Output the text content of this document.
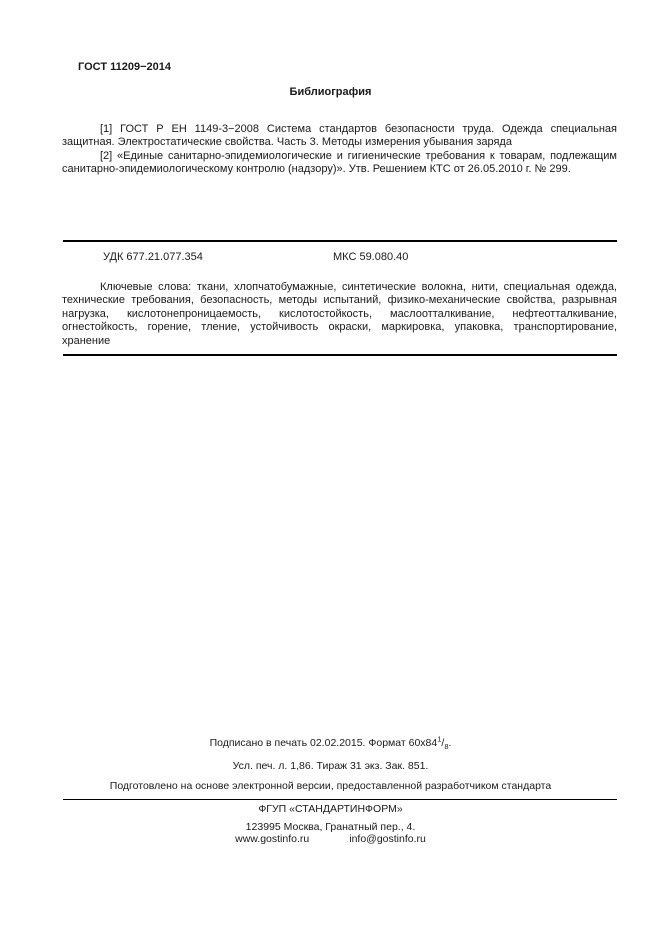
ГОСТ 11209−2014
Библиография

[1] ГОСТ Р ЕН 1149-3−2008 Система стандартов безопасности труда. Одежда специальная защитная. Электростатические свойства. Часть 3. Методы измерения убывания заряда

[2] «Единые санитарно-эпидемиологические и гигиенические требования к товарам, подлежащим санитарно-эпидемиологическому контролю (надзору)». Утв. Решением КТС от 26.05.2010 г. № 299.

УДК 677.21.077.354	МКС 59.080.40

Ключевые слова: ткани, хлопчатобумажные, синтетические волокна, нити, специальная одежда, технические требования, безопасность, методы испытаний, физико-механические свойства, разрывная нагрузка, кислотонепроницаемость, кислотостойкость, маслоотталкивание, нефтеотталкивание, огнестойкость, горение, тление, устойчивость окраски, маркировка, упаковка, транспортирование, хранение

Подписано в печать 02.02.2015. Формат $60x84^1/_8$.
Усл. печ. л. 1,86. Тираж 31 экз. Зак. 851.
Подготовлено на основе электронной версии, предоставленной разработчиком стандарта
ФГУП «СТАНДАРТИНФОРМ»
123995 Москва, Гранатный пер., 4.
www.gostinfo.ru	info@gostinfo.ru
